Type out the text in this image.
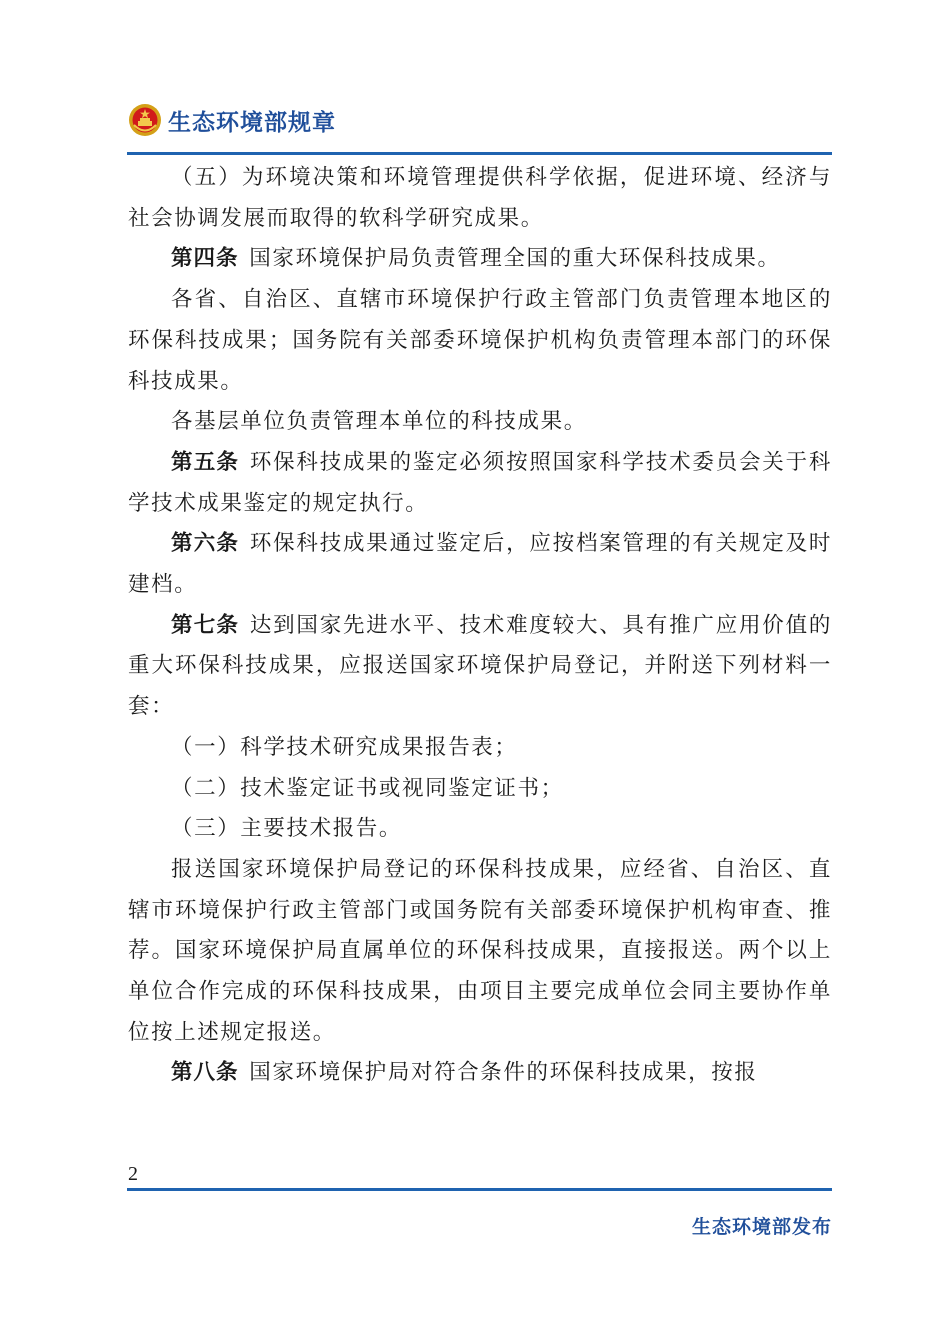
生态环境部规章

（五）为环境决策和环境管理提供科学依据，促进环境、经济与社会协调发展而取得的软科学研究成果。

第四条 国家环境保护局负责管理全国的重大环保科技成果。

各省、自治区、直辖市环境保护行政主管部门负责管理本地区的环保科技成果；国务院有关部委环境保护机构负责管理本部门的环保科技成果。

各基层单位负责管理本单位的科技成果。

第五条 环保科技成果的鉴定必须按照国家科学技术委员会关于科学技术成果鉴定的规定执行。

第六条 环保科技成果通过鉴定后，应按档案管理的有关规定及时建档。

第七条 达到国家先进水平、技术难度较大、具有推广应用价值的重大环保科技成果，应报送国家环境保护局登记，并附送下列材料一套：

（一）科学技术研究成果报告表；

（二）技术鉴定证书或视同鉴定证书；

（三）主要技术报告。

报送国家环境保护局登记的环保科技成果，应经省、自治区、直辖市环境保护行政主管部门或国务院有关部委环境保护机构审查、推荐。国家环境保护局直属单位的环保科技成果，直接报送。两个以上单位合作完成的环保科技成果，由项目主要完成单位会同主要协作单位按上述规定报送。

第八条 国家环境保护局对符合条件的环保科技成果，按报

2
生态环境部发布
